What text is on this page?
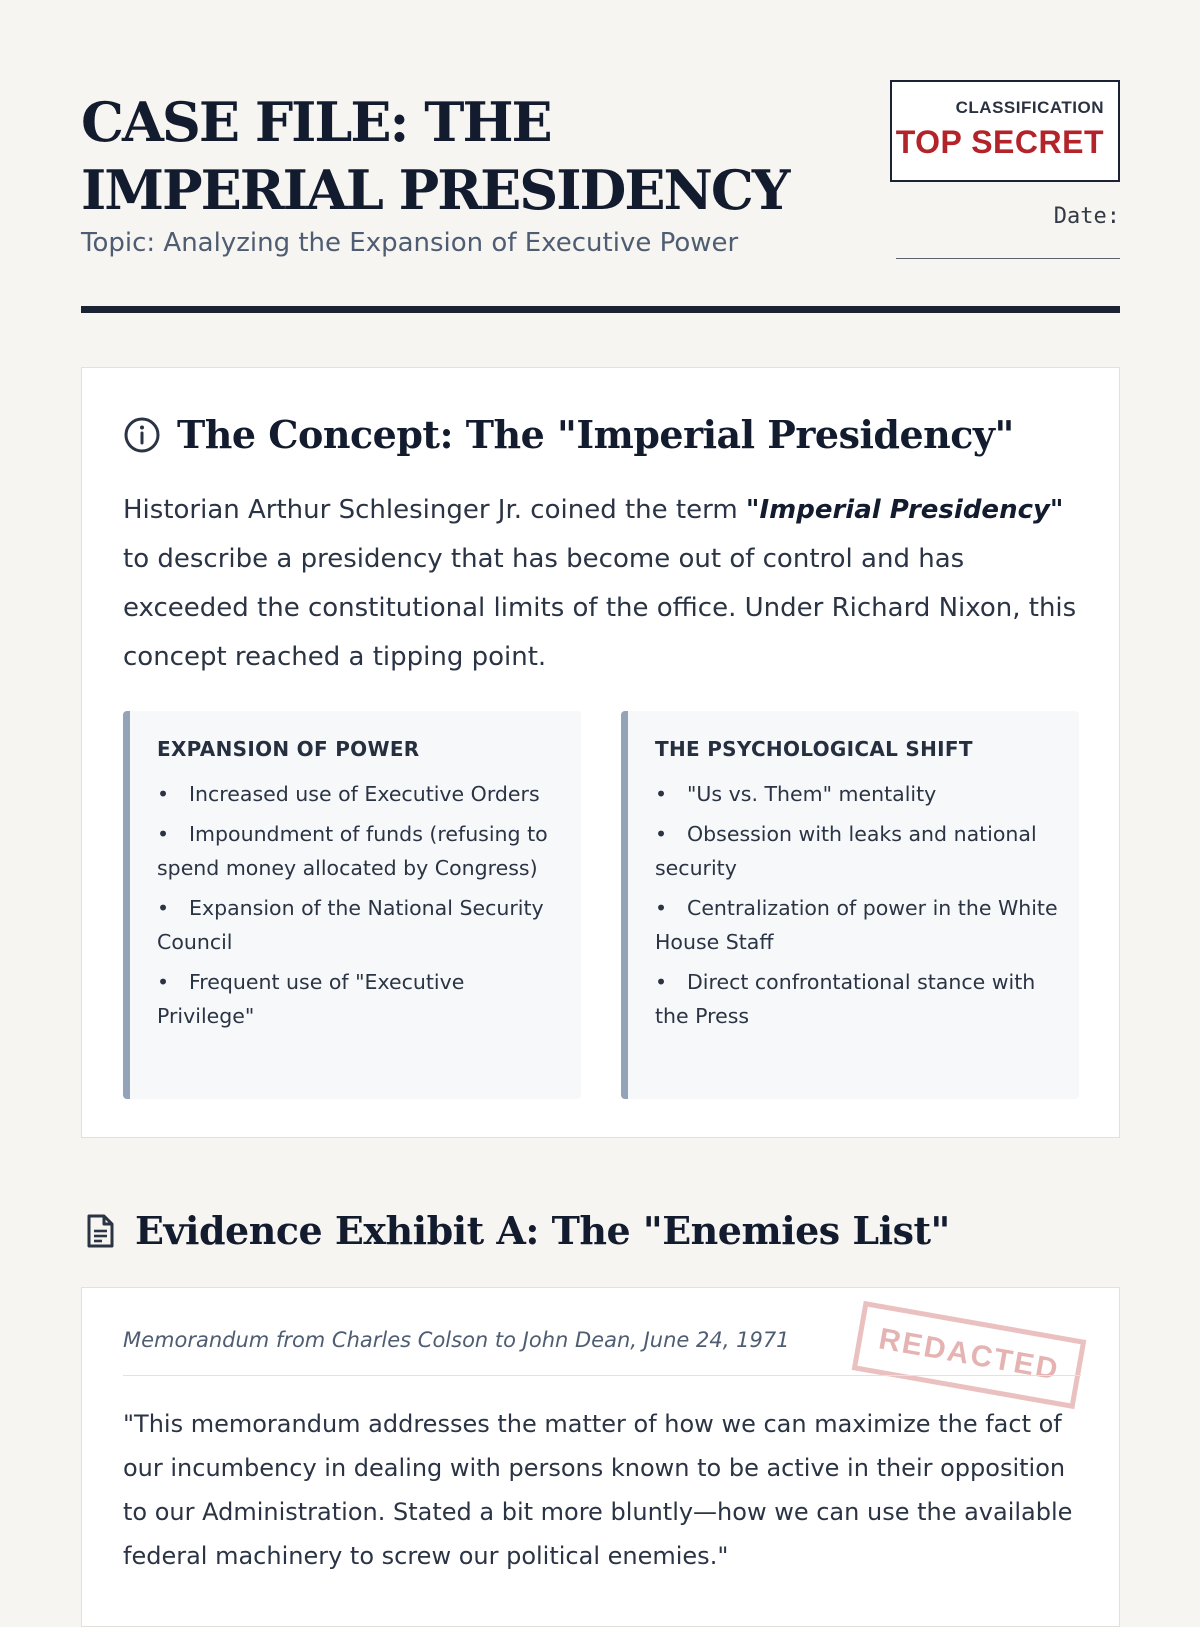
CASE FILE: THE IMPERIAL PRESIDENCY
Topic: Analyzing the Expansion of Executive Power
CLASSIFICATION
TOP SECRET
Date:
The Concept: The "Imperial Presidency"

Historian Arthur Schlesinger Jr. coined the term "Imperial Presidency" to describe a presidency that has become out of control and has exceeded the constitutional limits of the office. Under Richard Nixon, this concept reached a tipping point.

EXPANSION OF POWER
• Increased use of Executive Orders
• Impoundment of funds (refusing to spend money allocated by Congress)
• Expansion of the National Security Council
• Frequent use of "Executive Privilege"
THE PSYCHOLOGICAL SHIFT
• "Us vs. Them" mentality
• Obsession with leaks and national security
• Centralization of power in the White House Staff
• Direct confrontational stance with the Press
Evidence Exhibit A: The "Enemies List"
Memorandum from Charles Colson to John Dean, June 24, 1971	REDACTED

"This memorandum addresses the matter of how we can maximize the fact of our incumbency in dealing with persons known to be active in their opposition to our Administration. Stated a bit more bluntly—how we can use the available federal machinery to screw our political enemies."
